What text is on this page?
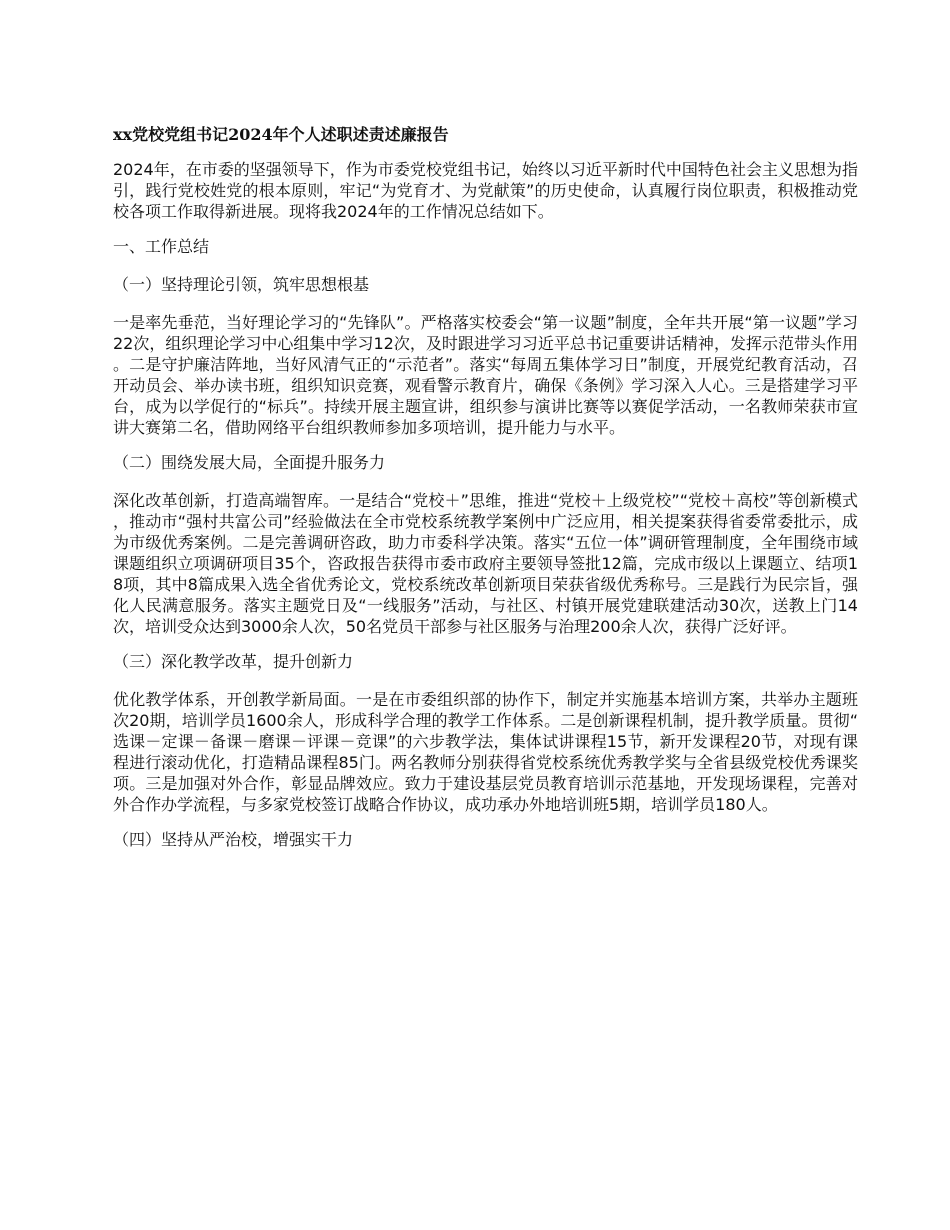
xx党校党组书记2024年个人述职述责述廉报告

2024年，在市委的坚强领导下，作为市委党校党组书记，始终以习近平新时代中国特色社会主义思想为指引，践行党校姓党的根本原则，牢记“为党育才、为党献策”的历史使命，认真履行岗位职责，积极推动党校各项工作取得新进展。现将我2024年的工作情况总结如下。

一、工作总结
（一）坚持理论引领，筑牢思想根基

一是率先垂范，当好理论学习的“先锋队”。严格落实校委会“第一议题”制度，全年共开展“第一议题”学习22次，组织理论学习中心组集中学习12次，及时跟进学习习近平总书记重要讲话精神，发挥示范带头作用。二是守护廉洁阵地，当好风清气正的“示范者”。落实“每周五集体学习日”制度，开展党纪教育活动，召开动员会、举办读书班，组织知识竞赛，观看警示教育片，确保《条例》学习深入人心。三是搭建学习平台，成为以学促行的“标兵”。持续开展主题宣讲，组织参与演讲比赛等以赛促学活动，一名教师荣获市宣讲大赛第二名，借助网络平台组织教师参加多项培训，提升能力与水平。

（二）围绕发展大局，全面提升服务力

深化改革创新，打造高端智库。一是结合“党校＋”思维，推进“党校＋上级党校”“党校＋高校”等创新模式，推动市“强村共富公司”经验做法在全市党校系统教学案例中广泛应用，相关提案获得省委常委批示，成为市级优秀案例。二是完善调研咨政，助力市委科学决策。落实“五位一体”调研管理制度，全年围绕市域课题组织立项调研项目35个，咨政报告获得市委市政府主要领导签批12篇，完成市级以上课题立、结项18项，其中8篇成果入选全省优秀论文，党校系统改革创新项目荣获省级优秀称号。三是践行为民宗旨，强化人民满意服务。落实主题党日及“一线服务”活动，与社区、村镇开展党建联建活动30次，送教上门14次，培训受众达到3000余人次，50名党员干部参与社区服务与治理200余人次，获得广泛好评。

（三）深化教学改革，提升创新力

优化教学体系，开创教学新局面。一是在市委组织部的协作下，制定并实施基本培训方案，共举办主题班次20期，培训学员1600余人，形成科学合理的教学工作体系。二是创新课程机制，提升教学质量。贯彻“选课－定课－备课－磨课－评课－竞课”的六步教学法，集体试讲课程15节，新开发课程20节，对现有课程进行滚动优化，打造精品课程85门。两名教师分别获得省党校系统优秀教学奖与全省县级党校优秀课奖项。三是加强对外合作，彰显品牌效应。致力于建设基层党员教育培训示范基地，开发现场课程，完善对外合作办学流程，与多家党校签订战略合作协议，成功承办外地培训班5期，培训学员180人。

（四）坚持从严治校，增强实干力
